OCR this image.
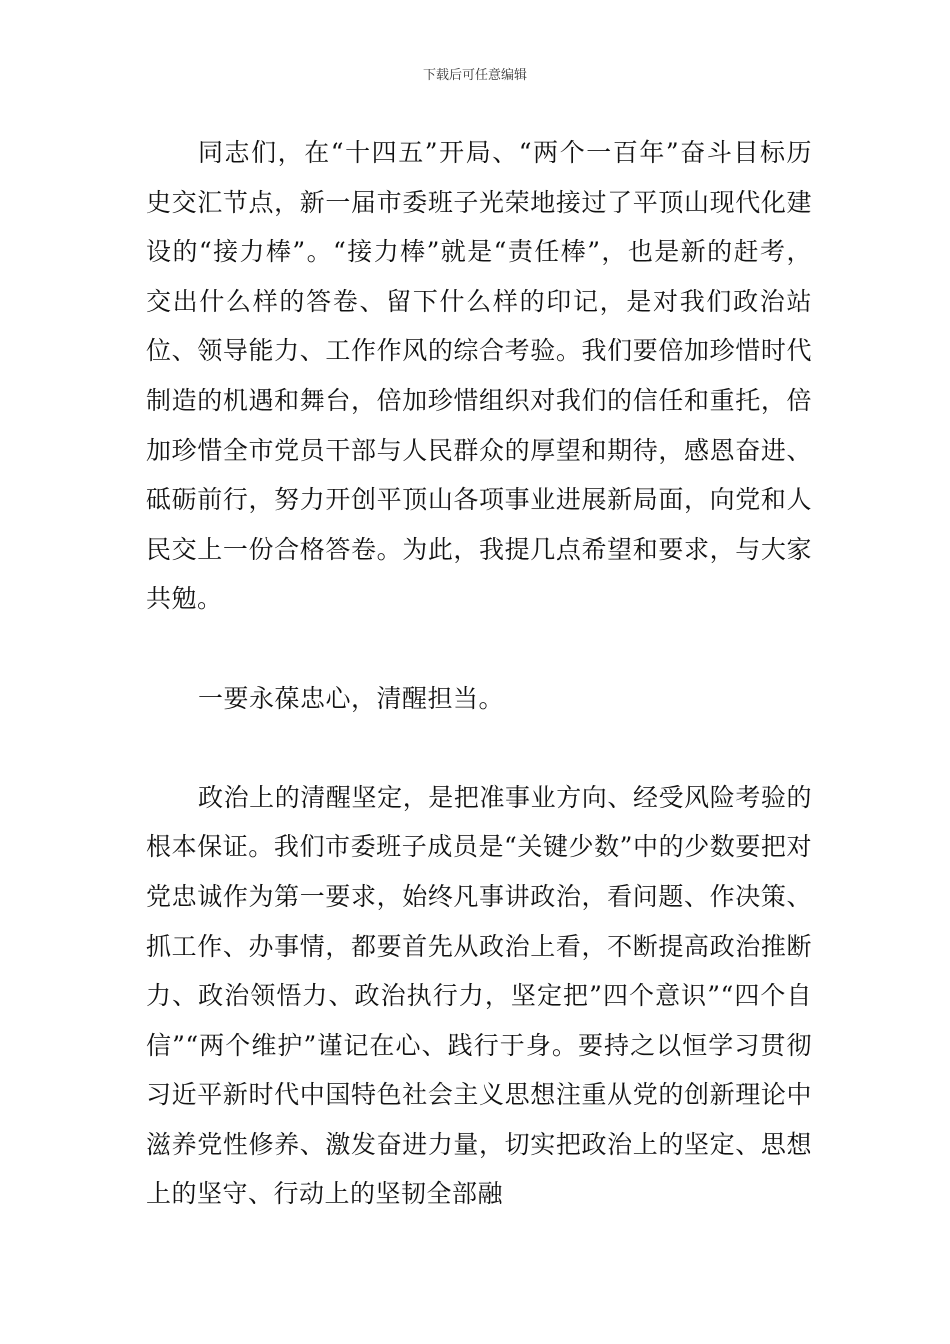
下载后可任意编辑

同志们，在“十四五”开局、“两个一百年”奋斗目标历史交汇节点，新一届市委班子光荣地接过了平顶山现代化建设的“接力棒”。“接力棒”就是“责任棒”，也是新的赶考，交出什么样的答卷、留下什么样的印记，是对我们政治站位、领导能力、工作作风的综合考验。我们要倍加珍惜时代制造的机遇和舞台，倍加珍惜组织对我们的信任和重托，倍加珍惜全市党员干部与人民群众的厚望和期待，感恩奋进、砥砺前行，努力开创平顶山各项事业进展新局面，向党和人民交上一份合格答卷。为此，我提几点希望和要求，与大家共勉。

一要永葆忠心，清醒担当。

政治上的清醒坚定，是把准事业方向、经受风险考验的根本保证。我们市委班子成员是“关键少数”中的少数要把对党忠诚作为第一要求，始终凡事讲政治，看问题、作决策、抓工作、办事情，都要首先从政治上看，不断提高政治推断力、政治领悟力、政治执行力，坚定把”四个意识”“四个自信”“两个维护”谨记在心、践行于身。要持之以恒学习贯彻习近平新时代中国特色社会主义思想注重从党的创新理论中滋养党性修养、激发奋进力量，切实把政治上的坚定、思想上的坚守、行动上的坚韧全部融
